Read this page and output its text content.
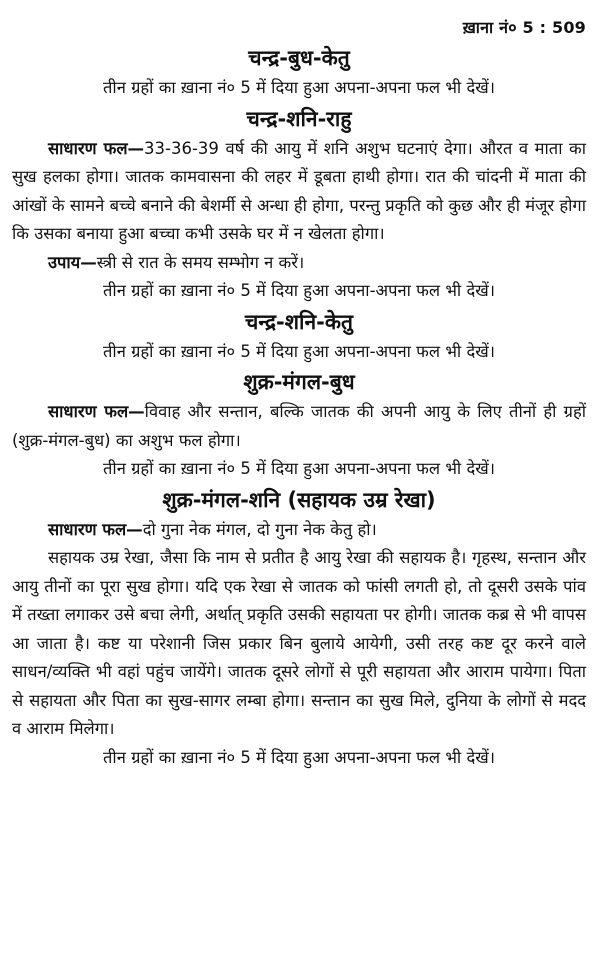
ख़ाना नं० 5 : 509
चन्द्र-बुध-केतु

तीन ग्रहों का ख़ाना नं० 5 में दिया हुआ अपना-अपना फल भी देखें।

चन्द्र-शनि-राहु

साधारण फल—33-36-39 वर्ष की आयु में शनि अशुभ घटनाएं देगा। औरत व माता का सुख हलका होगा। जातक कामवासना की लहर में डूबता हाथी होगा। रात की चांदनी में माता की आंखों के सामने बच्चे बनाने की बेशर्मी से अन्धा ही होगा, परन्तु प्रकृति को कुछ और ही मंजूर होगा कि उसका बनाया हुआ बच्चा कभी उसके घर में न खेलता होगा।

उपाय—स्त्री से रात के समय सम्भोग न करें।

तीन ग्रहों का ख़ाना नं० 5 में दिया हुआ अपना-अपना फल भी देखें।

चन्द्र-शनि-केतु

तीन ग्रहों का ख़ाना नं० 5 में दिया हुआ अपना-अपना फल भी देखें।

शुक्र-मंगल-बुध

साधारण फल—विवाह और सन्तान, बल्कि जातक की अपनी आयु के लिए तीनों ही ग्रहों (शुक्र-मंगल-बुध) का अशुभ फल होगा।

तीन ग्रहों का ख़ाना नं० 5 में दिया हुआ अपना-अपना फल भी देखें।

शुक्र-मंगल-शनि (सहायक उम्र रेखा)

साधारण फल—दो गुना नेक मंगल, दो गुना नेक केतु हो।

सहायक उम्र रेखा, जैसा कि नाम से प्रतीत है आयु रेखा की सहायक है। गृहस्थ, सन्तान और आयु तीनों का पूरा सुख होगा। यदि एक रेखा से जातक को फांसी लगती हो, तो दूसरी उसके पांव में तख्ता लगाकर उसे बचा लेगी, अर्थात् प्रकृति उसकी सहायता पर होगी। जातक कब्र से भी वापस आ जाता है। कष्ट या परेशानी जिस प्रकार बिन बुलाये आयेगी, उसी तरह कष्ट दूर करने वाले साधन/व्यक्ति भी वहां पहुंच जायेंगे। जातक दूसरे लोगों से पूरी सहायता और आराम पायेगा। पिता से सहायता और पिता का सुख-सागर लम्बा होगा। सन्तान का सुख मिले, दुनिया के लोगों से मदद व आराम मिलेगा।

तीन ग्रहों का ख़ाना नं० 5 में दिया हुआ अपना-अपना फल भी देखें।
